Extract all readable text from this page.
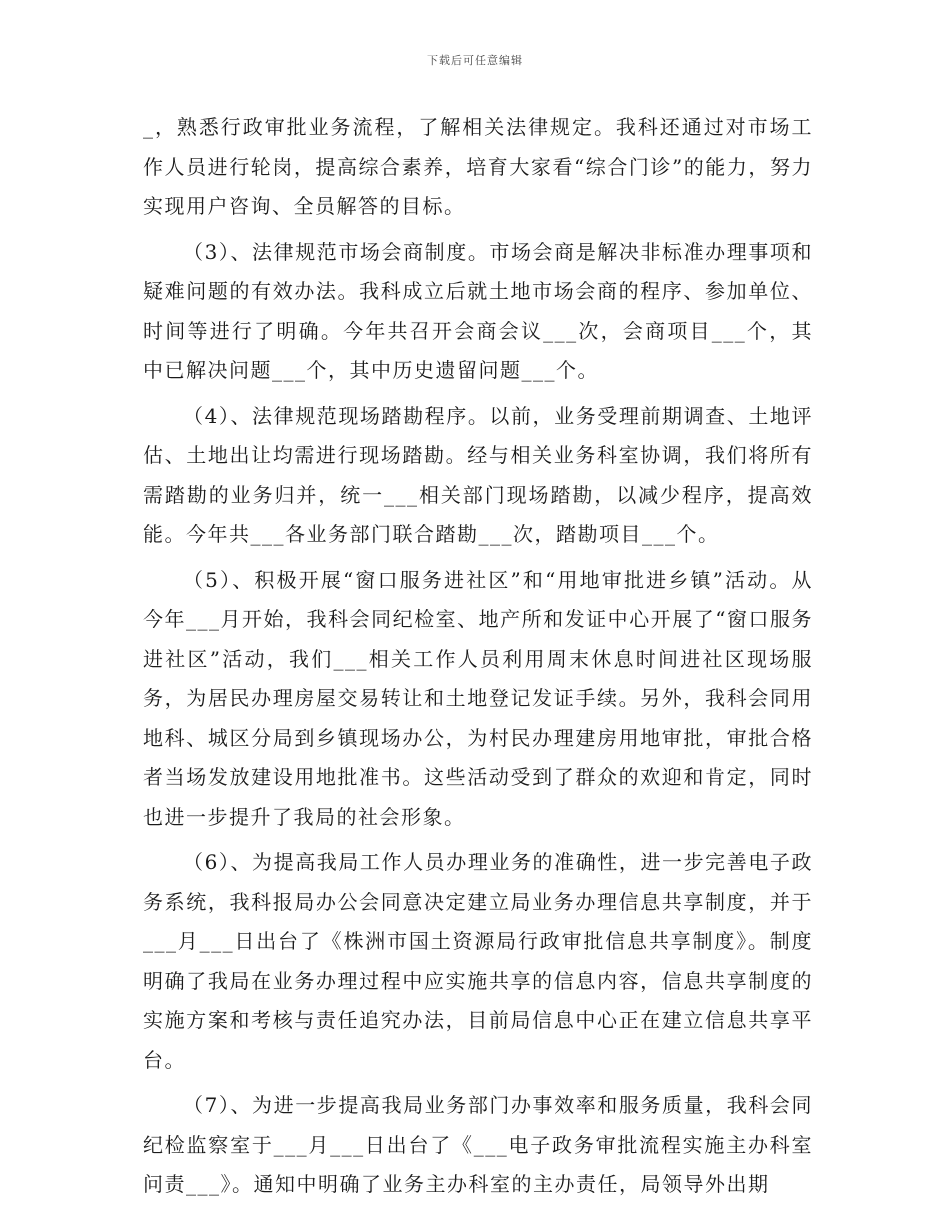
下载后可任意编辑

_，熟悉行政审批业务流程，了解相关法律规定。我科还通过对市场工作人员进行轮岗，提高综合素养，培育大家看“综合门诊”的能力，努力实现用户咨询、全员解答的目标。

（3）、法律规范市场会商制度。市场会商是解决非标准办理事项和疑难问题的有效办法。我科成立后就土地市场会商的程序、参加单位、时间等进行了明确。今年共召开会商会议___次，会商项目___个，其中已解决问题___个，其中历史遗留问题___个。

（4）、法律规范现场踏勘程序。以前，业务受理前期调查、土地评估、土地出让均需进行现场踏勘。经与相关业务科室协调，我们将所有需踏勘的业务归并，统一___相关部门现场踏勘，以减少程序，提高效能。今年共___各业务部门联合踏勘___次，踏勘项目___个。

（5）、积极开展“窗口服务进社区”和“用地审批进乡镇”活动。从今年___月开始，我科会同纪检室、地产所和发证中心开展了“窗口服务进社区”活动，我们___相关工作人员利用周末休息时间进社区现场服务，为居民办理房屋交易转让和土地登记发证手续。另外，我科会同用地科、城区分局到乡镇现场办公，为村民办理建房用地审批，审批合格者当场发放建设用地批准书。这些活动受到了群众的欢迎和肯定，同时也进一步提升了我局的社会形象。

（6）、为提高我局工作人员办理业务的准确性，进一步完善电子政务系统，我科报局办公会同意决定建立局业务办理信息共享制度，并于___月___日出台了《株洲市国土资源局行政审批信息共享制度》。制度明确了我局在业务办理过程中应实施共享的信息内容，信息共享制度的实施方案和考核与责任追究办法，目前局信息中心正在建立信息共享平台。

（7）、为进一步提高我局业务部门办事效率和服务质量，我科会同纪检监察室于___月___日出台了《___电子政务审批流程实施主办科室问责___》。通知中明确了业务主办科室的主办责任，局领导外出期
